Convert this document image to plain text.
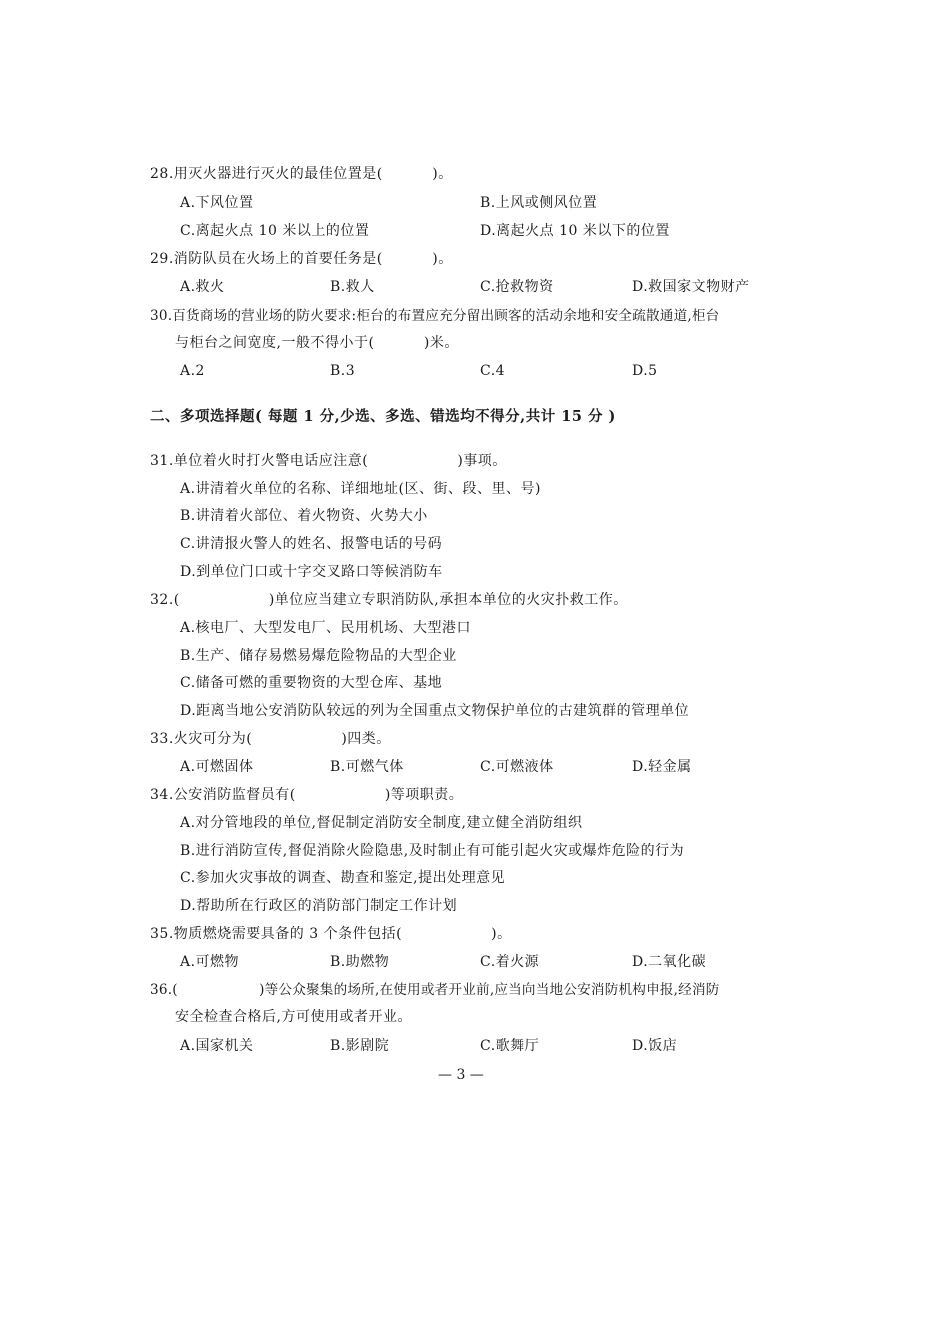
28.用灭火器进行灭火的最佳位置是(          )。
A.下风位置	B.上风或侧风位置
C.离起火点 10 米以上的位置	D.离起火点 10 米以下的位置
29.消防队员在火场上的首要任务是(          )。
A.救火	B.救人	C.抢救物资	D.救国家文物财产
30.百货商场的营业场的防火要求:柜台的布置应充分留出顾客的活动余地和安全疏散通道,柜台
与柜台之间宽度,一般不得小于(          )米。
A.2	B.3	C.4	D.5
二、多项选择题( 每题 1 分,少选、多选、错选均不得分,共计 15 分 )
31.单位着火时打火警电话应注意(                  )事项。
A.讲清着火单位的名称、详细地址(区、街、段、里、号)
B.讲清着火部位、着火物资、火势大小
C.讲清报火警人的姓名、报警电话的号码
D.到单位门口或十字交叉路口等候消防车
32.(                  )单位应当建立专职消防队,承担本单位的火灾扑救工作。
A.核电厂、大型发电厂、民用机场、大型港口
B.生产、储存易燃易爆危险物品的大型企业
C.储备可燃的重要物资的大型仓库、基地
D.距离当地公安消防队较远的列为全国重点文物保护单位的古建筑群的管理单位
33.火灾可分为(                  )四类。
A.可燃固体	B.可燃气体	C.可燃液体	D.轻金属
34.公安消防监督员有(                  )等项职责。
A.对分管地段的单位,督促制定消防安全制度,建立健全消防组织
B.进行消防宣传,督促消除火险隐患,及时制止有可能引起火灾或爆炸危险的行为
C.参加火灾事故的调查、勘查和鉴定,提出处理意见
D.帮助所在行政区的消防部门制定工作计划
35.物质燃烧需要具备的 3 个条件包括(                  )。
A.可燃物	B.助燃物	C.着火源	D.二氧化碳
36.(                  )等公众聚集的场所,在使用或者开业前,应当向当地公安消防机构申报,经消防
安全检查合格后,方可使用或者开业。
A.国家机关	B.影剧院	C.歌舞厅	D.饭店
— 3 —
